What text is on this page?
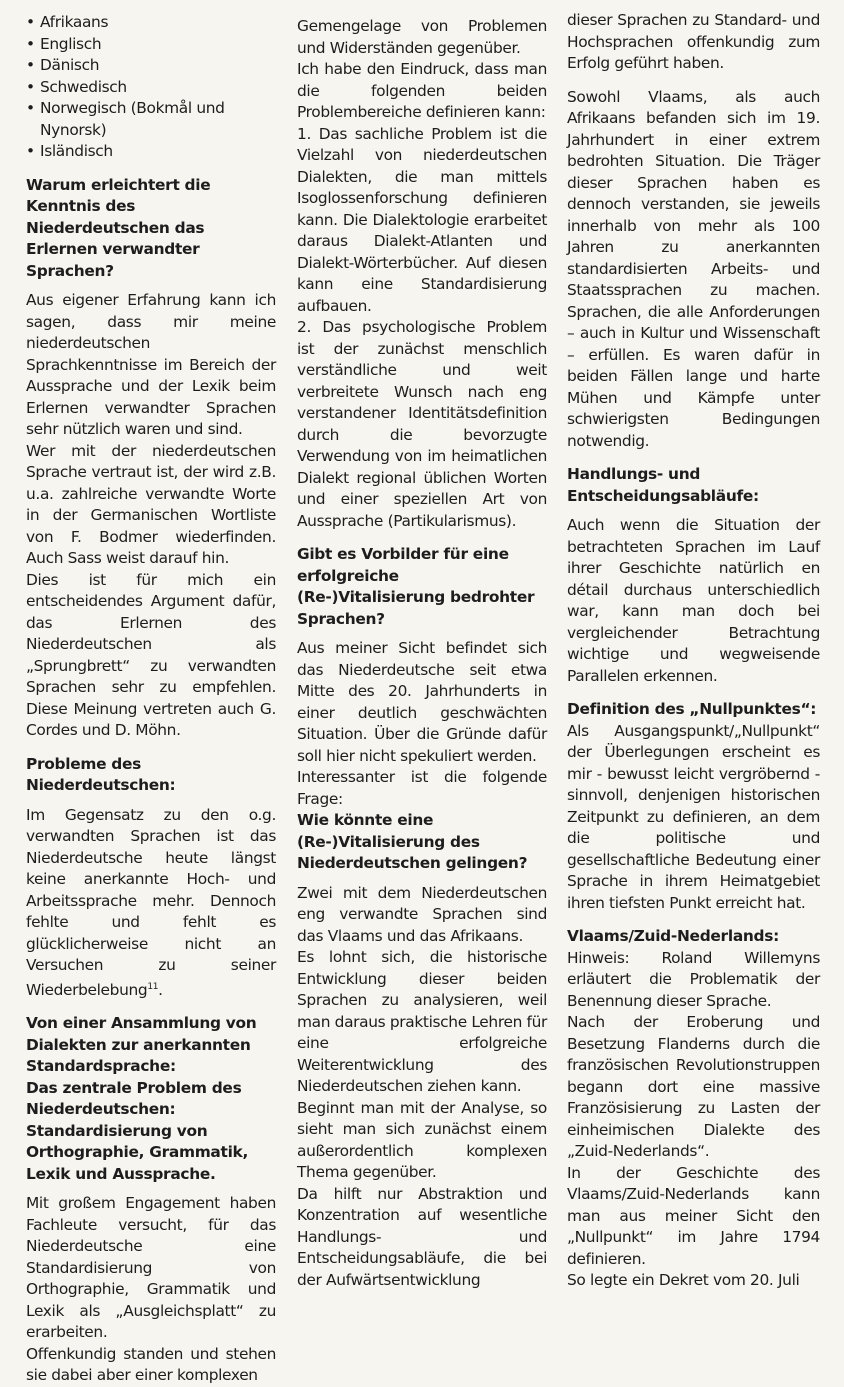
• Afrikaans
• Englisch
• Dänisch
• Schwedisch
• Norwegisch (Bokmål und Nynorsk)
• Isländisch
Warum erleichtert die Kenntnis des Niederdeutschen das Erlernen verwandter Sprachen?

Aus eigener Erfahrung kann ich sagen, dass mir meine niederdeutschen Sprachkenntnisse im Bereich der Aussprache und der Lexik beim Erlernen verwandter Sprachen sehr nützlich waren und sind.

Wer mit der niederdeutschen Sprache vertraut ist, der wird z.B. u.a. zahlreiche verwandte Worte in der Germanischen Wortliste von F. Bodmer wiederfinden. Auch Sass weist darauf hin.

Dies ist für mich ein entscheidendes Argument dafür, das Erlernen des Niederdeutschen als „Sprungbrett“ zu verwandten Sprachen sehr zu empfehlen. Diese Meinung vertreten auch G. Cordes und D. Möhn.

Probleme des Niederdeutschen:

Im Gegensatz zu den o.g. verwandten Sprachen ist das Niederdeutsche heute längst keine anerkannte Hoch- und Arbeitssprache mehr. Dennoch fehlte und fehlt es glücklicherweise nicht an Versuchen zu seiner Wiederbelebung$^{11}$.

Von einer Ansammlung von Dialekten zur anerkannten Standardsprache:
Das zentrale Problem des Niederdeutschen: Standardisierung von Orthographie, Grammatik, Lexik und Aussprache.

Mit großem Engagement haben Fachleute versucht, für das Niederdeutsche eine Standardisierung von Orthographie, Grammatik und Lexik als „Ausgleichsplatt“ zu erarbeiten.

Offenkundig standen und stehen sie dabei aber einer komplexen

Gemengelage von Problemen und Widerständen gegenüber.

Ich habe den Eindruck, dass man die folgenden beiden Problembereiche definieren kann:

1. Das sachliche Problem ist die Vielzahl von niederdeutschen Dialekten, die man mittels Isoglossenforschung definieren kann. Die Dialektologie erarbeitet daraus Dialekt-Atlanten und Dialekt-Wörterbücher. Auf diesen kann eine Standardisierung aufbauen.

2. Das psychologische Problem ist der zunächst menschlich verständliche und weit verbreitete Wunsch nach eng verstandener Identitätsdefinition durch die bevorzugte Verwendung von im heimatlichen Dialekt regional üblichen Worten und einer speziellen Art von Aussprache (Partikularismus).

Gibt es Vorbilder für eine erfolgreiche (Re-)Vitalisierung bedrohter Sprachen?

Aus meiner Sicht befindet sich das Niederdeutsche seit etwa Mitte des 20. Jahrhunderts in einer deutlich geschwächten Situation. Über die Gründe dafür soll hier nicht spekuliert werden.

Interessanter ist die folgende Frage:

Wie könnte eine (Re-)Vitalisierung des Niederdeutschen gelingen?

Zwei mit dem Niederdeutschen eng verwandte Sprachen sind das Vlaams und das Afrikaans.

Es lohnt sich, die historische Entwicklung dieser beiden Sprachen zu analysieren, weil man daraus praktische Lehren für eine erfolgreiche Weiterentwicklung des Niederdeutschen ziehen kann.

Beginnt man mit der Analyse, so sieht man sich zunächst einem außerordentlich komplexen Thema gegenüber.

Da hilft nur Abstraktion und Konzentration auf wesentliche Handlungs- und Entscheidungsabläufe, die bei der Aufwärtsentwicklung

dieser Sprachen zu Standard- und Hochsprachen offenkundig zum Erfolg geführt haben.

Sowohl Vlaams, als auch Afrikaans befanden sich im 19. Jahrhundert in einer extrem bedrohten Situation. Die Träger dieser Sprachen haben es dennoch verstanden, sie jeweils innerhalb von mehr als 100 Jahren zu anerkannten standardisierten Arbeits- und Staatssprachen zu machen. Sprachen, die alle Anforderungen – auch in Kultur und Wissenschaft – erfüllen. Es waren dafür in beiden Fällen lange und harte Mühen und Kämpfe unter schwierigsten Bedingungen notwendig.

Handlungs- und Entscheidungsabläufe:

Auch wenn die Situation der betrachteten Sprachen im Lauf ihrer Geschichte natürlich en détail durchaus unterschiedlich war, kann man doch bei vergleichender Betrachtung wichtige und wegweisende Parallelen erkennen.

Definition des „Nullpunktes“:

Als Ausgangspunkt/„Nullpunkt“ der Überlegungen erscheint es mir - bewusst leicht vergröbernd - sinnvoll, denjenigen historischen Zeitpunkt zu definieren, an dem die politische und gesellschaftliche Bedeutung einer Sprache in ihrem Heimatgebiet ihren tiefsten Punkt erreicht hat.

Vlaams/Zuid-Nederlands:

Hinweis: Roland Willemyns erläutert die Problematik der Benennung dieser Sprache.

Nach der Eroberung und Besetzung Flanderns durch die französischen Revolutionstruppen begann dort eine massive Französisierung zu Lasten der einheimischen Dialekte des „Zuid-Nederlands“.

In der Geschichte des Vlaams/Zuid-Nederlands kann man aus meiner Sicht den „Nullpunkt“ im Jahre 1794 definieren.

So legte ein Dekret vom 20. Juli
